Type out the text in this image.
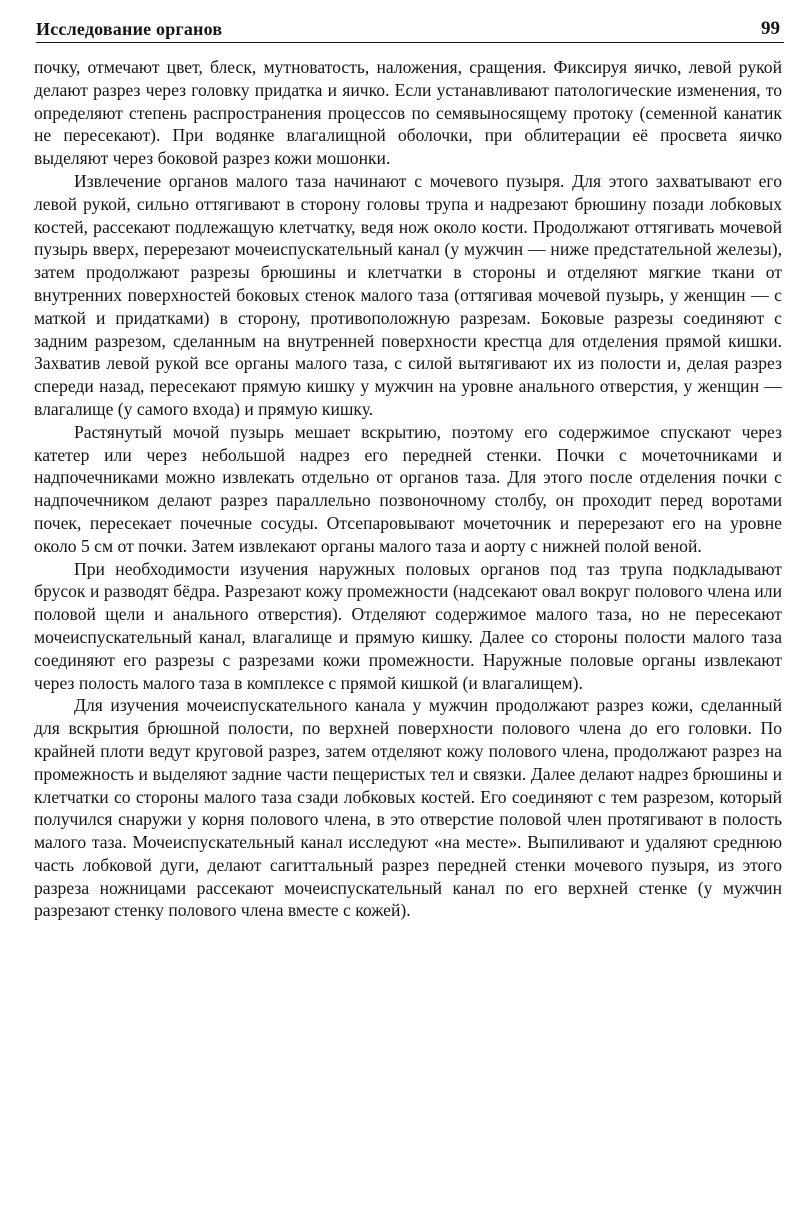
Исследование органов	99

почку, отмечают цвет, блеск, мутноватость, наложения, сращения. Фиксируя яичко, левой рукой делают разрез через головку придатка и яичко. Если устанавливают патологические изменения, то определяют степень распространения процессов по семявыносящему протоку (семенной канатик не пересекают). При водянке влагалищной оболочки, при облитерации её просвета яичко выделяют через боковой разрез кожи мошонки.

Извлечение органов малого таза начинают с мочевого пузыря. Для этого захватывают его левой рукой, сильно оттягивают в сторону головы трупа и надрезают брюшину позади лобковых костей, рассекают подлежащую клетчатку, ведя нож около кости. Продолжают оттягивать мочевой пузырь вверх, перерезают мочеиспускательный канал (у мужчин — ниже предстательной железы), затем продолжают разрезы брюшины и клетчатки в стороны и отделяют мягкие ткани от внутренних поверхностей боковых стенок малого таза (оттягивая мочевой пузырь, у женщин — с маткой и придатками) в сторону, противоположную разрезам. Боковые разрезы соединяют с задним разрезом, сделанным на внутренней поверхности крестца для отделения прямой кишки. Захватив левой рукой все органы малого таза, с силой вытягивают их из полости и, делая разрез спереди назад, пересекают прямую кишку у мужчин на уровне анального отверстия, у женщин — влагалище (у самого входа) и прямую кишку.

Растянутый мочой пузырь мешает вскрытию, поэтому его содержимое спускают через катетер или через небольшой надрез его передней стенки. Почки с мочеточниками и надпочечниками можно извлекать отдельно от органов таза. Для этого после отделения почки с надпочечником делают разрез параллельно позвоночному столбу, он проходит перед воротами почек, пересекает почечные сосуды. Отсепаровывают мочеточник и перерезают его на уровне около 5 см от почки. Затем извлекают органы малого таза и аорту с нижней полой веной.

При необходимости изучения наружных половых органов под таз трупа подкладывают брусок и разводят бёдра. Разрезают кожу промежности (надсекают овал вокруг полового члена или половой щели и анального отверстия). Отделяют содержимое малого таза, но не пересекают мочеиспускательный канал, влагалище и прямую кишку. Далее со стороны полости малого таза соединяют его разрезы с разрезами кожи промежности. Наружные половые органы извлекают через полость малого таза в комплексе с прямой кишкой (и влагалищем).

Для изучения мочеиспускательного канала у мужчин продолжают разрез кожи, сделанный для вскрытия брюшной полости, по верхней поверхности полового члена до его головки. По крайней плоти ведут круговой разрез, затем отделяют кожу полового члена, продолжают разрез на промежность и выделяют задние части пещеристых тел и связки. Далее делают надрез брюшины и клетчатки со стороны малого таза сзади лобковых костей. Его соединяют с тем разрезом, который получился снаружи у корня полового члена, в это отверстие половой член протягивают в полость малого таза. Мочеиспускательный канал исследуют «на месте». Выпиливают и удаляют среднюю часть лобковой дуги, делают сагиттальный разрез передней стенки мочевого пузыря, из этого разреза ножницами рассекают мочеиспускательный канал по его верхней стенке (у мужчин разрезают стенку полового члена вместе с кожей).
